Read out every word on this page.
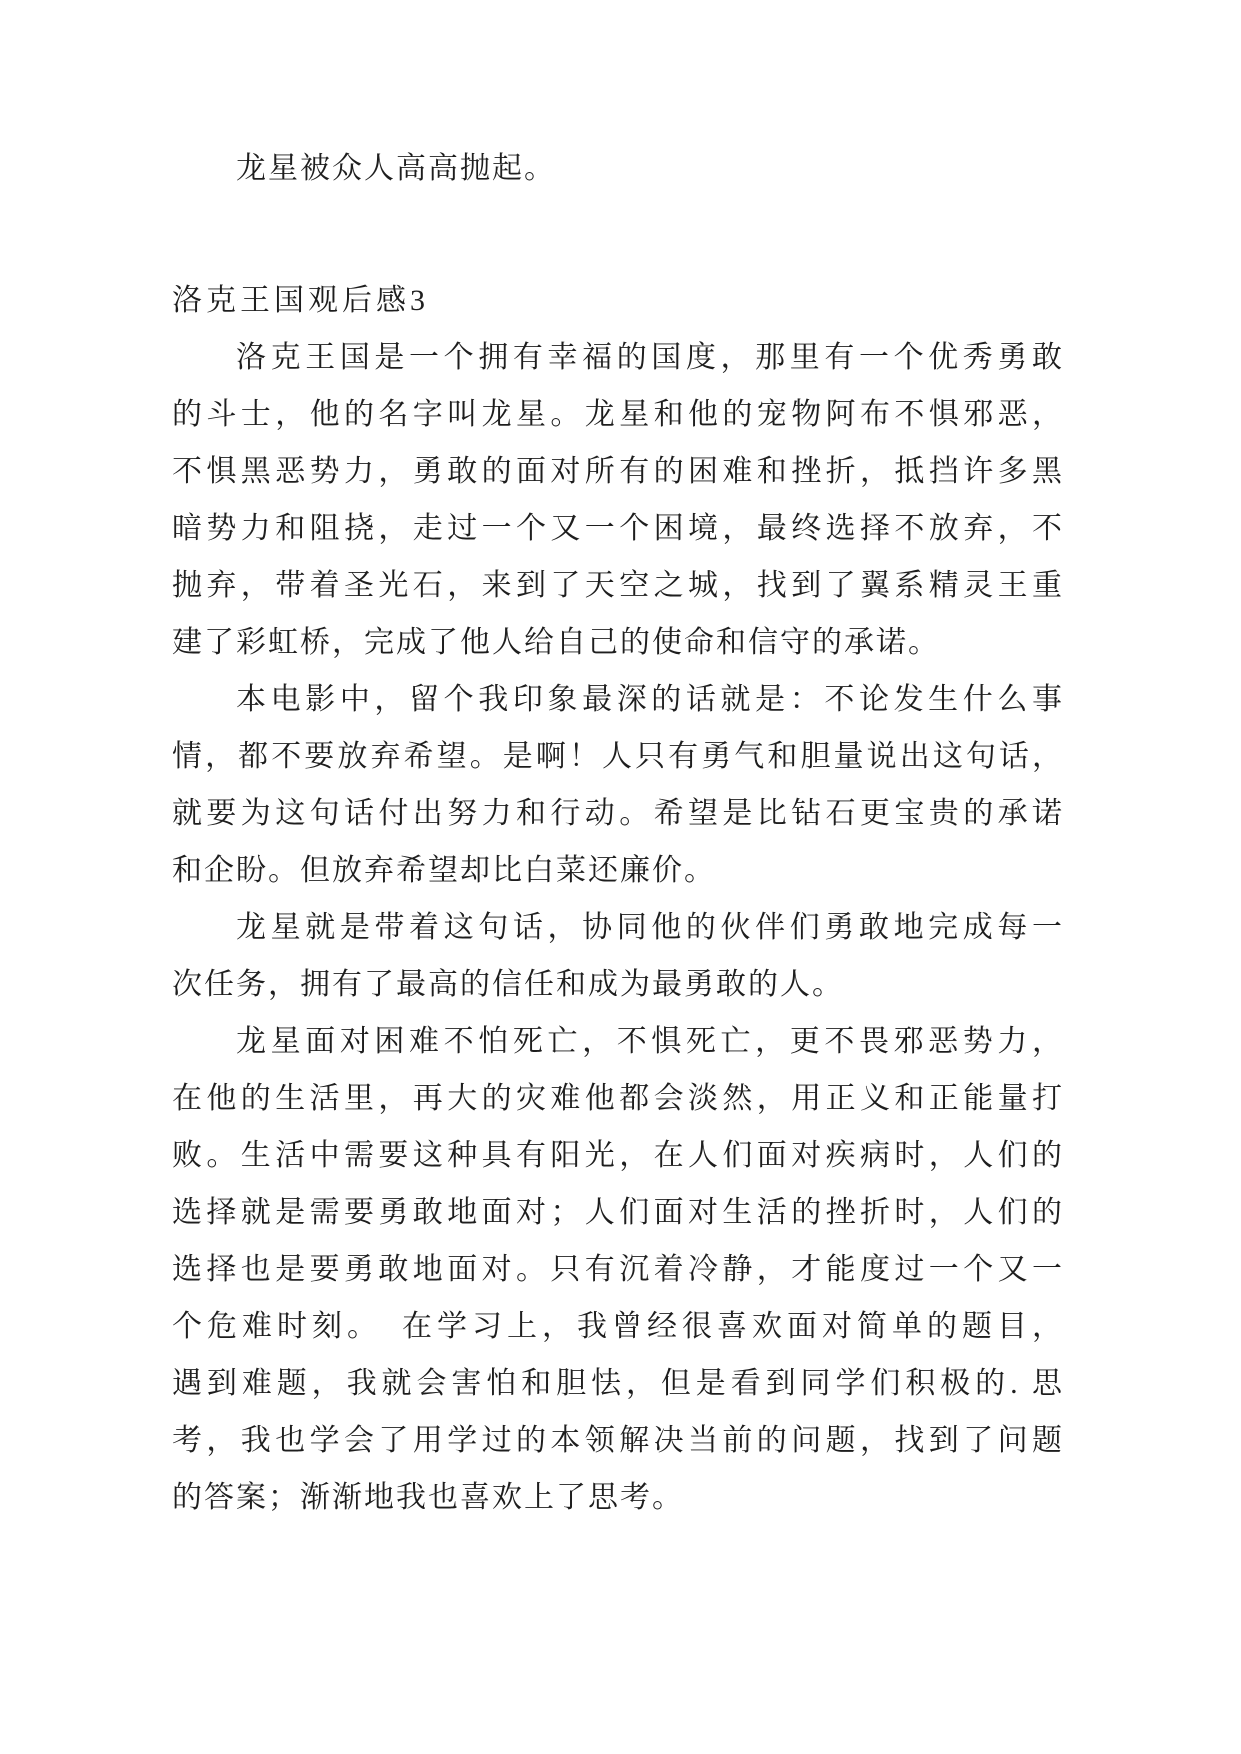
龙星被众人高高抛起。
洛克王国观后感3
洛克王国是一个拥有幸福的国度，那里有一个优秀勇敢
的斗士，他的名字叫龙星。龙星和他的宠物阿布不惧邪恶，
不惧黑恶势力，勇敢的面对所有的困难和挫折，抵挡许多黑
暗势力和阻挠，走过一个又一个困境，最终选择不放弃，不
抛弃，带着圣光石，来到了天空之城，找到了翼系精灵王重
建了彩虹桥，完成了他人给自己的使命和信守的承诺。
本电影中，留个我印象最深的话就是：不论发生什么事
情，都不要放弃希望。是啊！人只有勇气和胆量说出这句话，
就要为这句话付出努力和行动。希望是比钻石更宝贵的承诺
和企盼。但放弃希望却比白菜还廉价。
龙星就是带着这句话，协同他的伙伴们勇敢地完成每一
次任务，拥有了最高的信任和成为最勇敢的人。
龙星面对困难不怕死亡，不惧死亡，更不畏邪恶势力，
在他的生活里，再大的灾难他都会淡然，用正义和正能量打
败。生活中需要这种具有阳光，在人们面对疾病时，人们的
选择就是需要勇敢地面对；人们面对生活的挫折时，人们的
选择也是要勇敢地面对。只有沉着冷静，才能度过一个又一
个危难时刻。　在学习上，我曾经很喜欢面对简单的题目，
遇到难题，我就会害怕和胆怯，但是看到同学们积极的. 思
考，我也学会了用学过的本领解决当前的问题，找到了问题
的答案；渐渐地我也喜欢上了思考。
